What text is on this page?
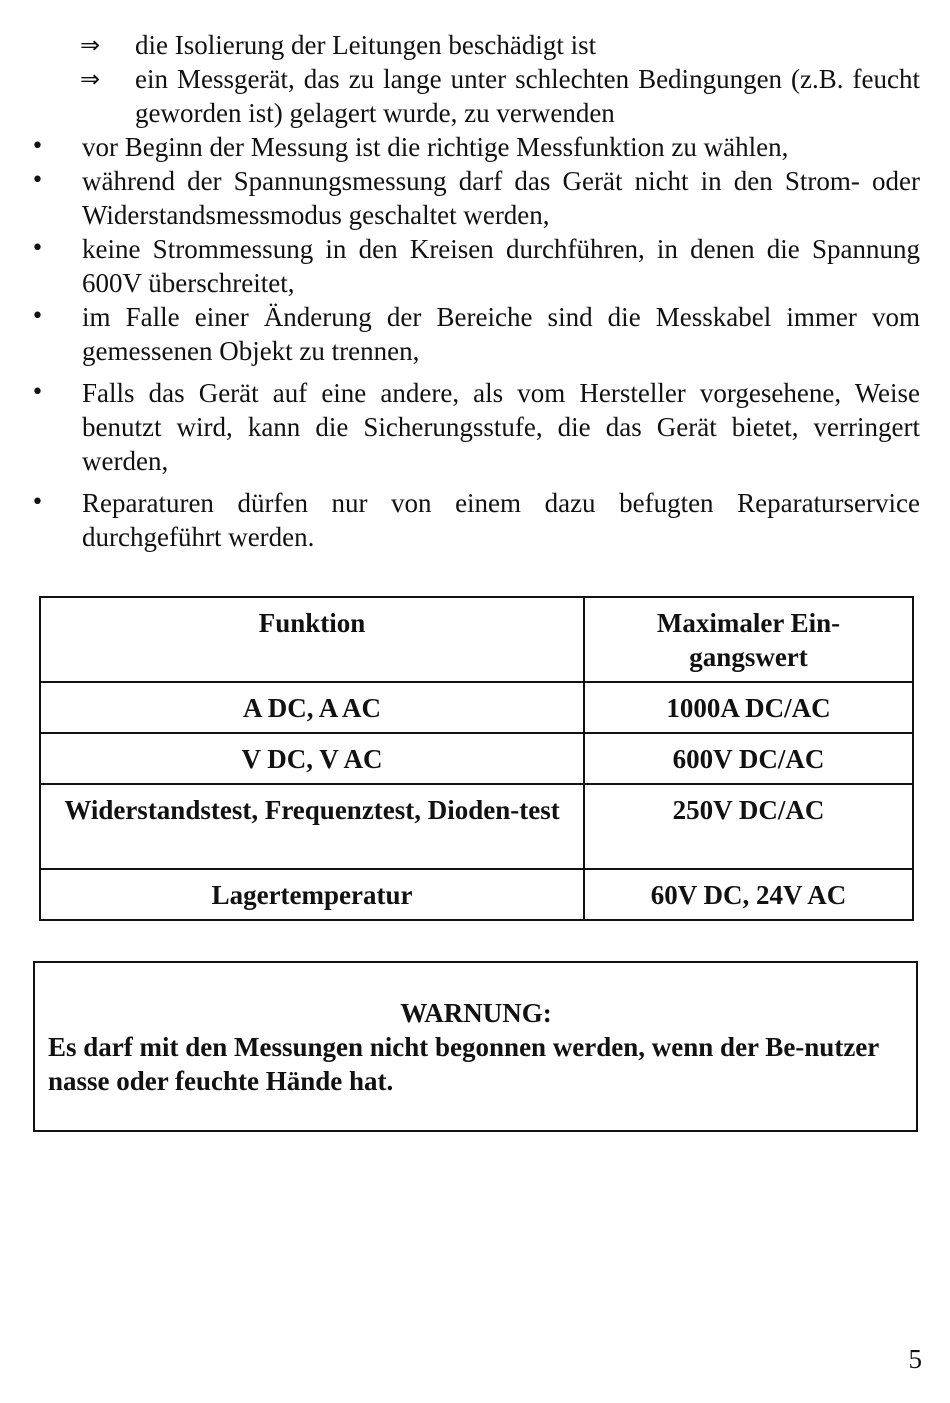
⇒ die Isolierung der Leitungen beschädigt ist
⇒ ein Messgerät, das zu lange unter schlechten Bedingungen (z.B. feucht geworden ist) gelagert wurde, zu verwenden
• vor Beginn der Messung ist die richtige Messfunktion zu wählen,
• während der Spannungsmessung darf das Gerät nicht in den Strom- oder Widerstandsmessmodus geschaltet werden,
• keine Strommessung in den Kreisen durchführen, in denen die Spannung 600V überschreitet,
• im Falle einer Änderung der Bereiche sind die Messkabel immer vom gemessenen Objekt zu trennen,
• Falls das Gerät auf eine andere, als vom Hersteller vorgesehene, Weise benutzt wird, kann die Sicherungsstufe, die das Gerät bietet, verringert werden,
• Reparaturen dürfen nur von einem dazu befugten Reparaturservice durchgeführt werden.
Funktion	Maximaler Ein-gangswert
A DC, A AC	1000A DC/AC
V DC, V AC	600V DC/AC
Widerstandstest, Frequenztest, Dioden-test	250V DC/AC
Lagertemperatur	60V DC, 24V AC
WARNUNG:
Es darf mit den Messungen nicht begonnen werden, wenn der Be-nutzer nasse oder feuchte Hände hat.
5
